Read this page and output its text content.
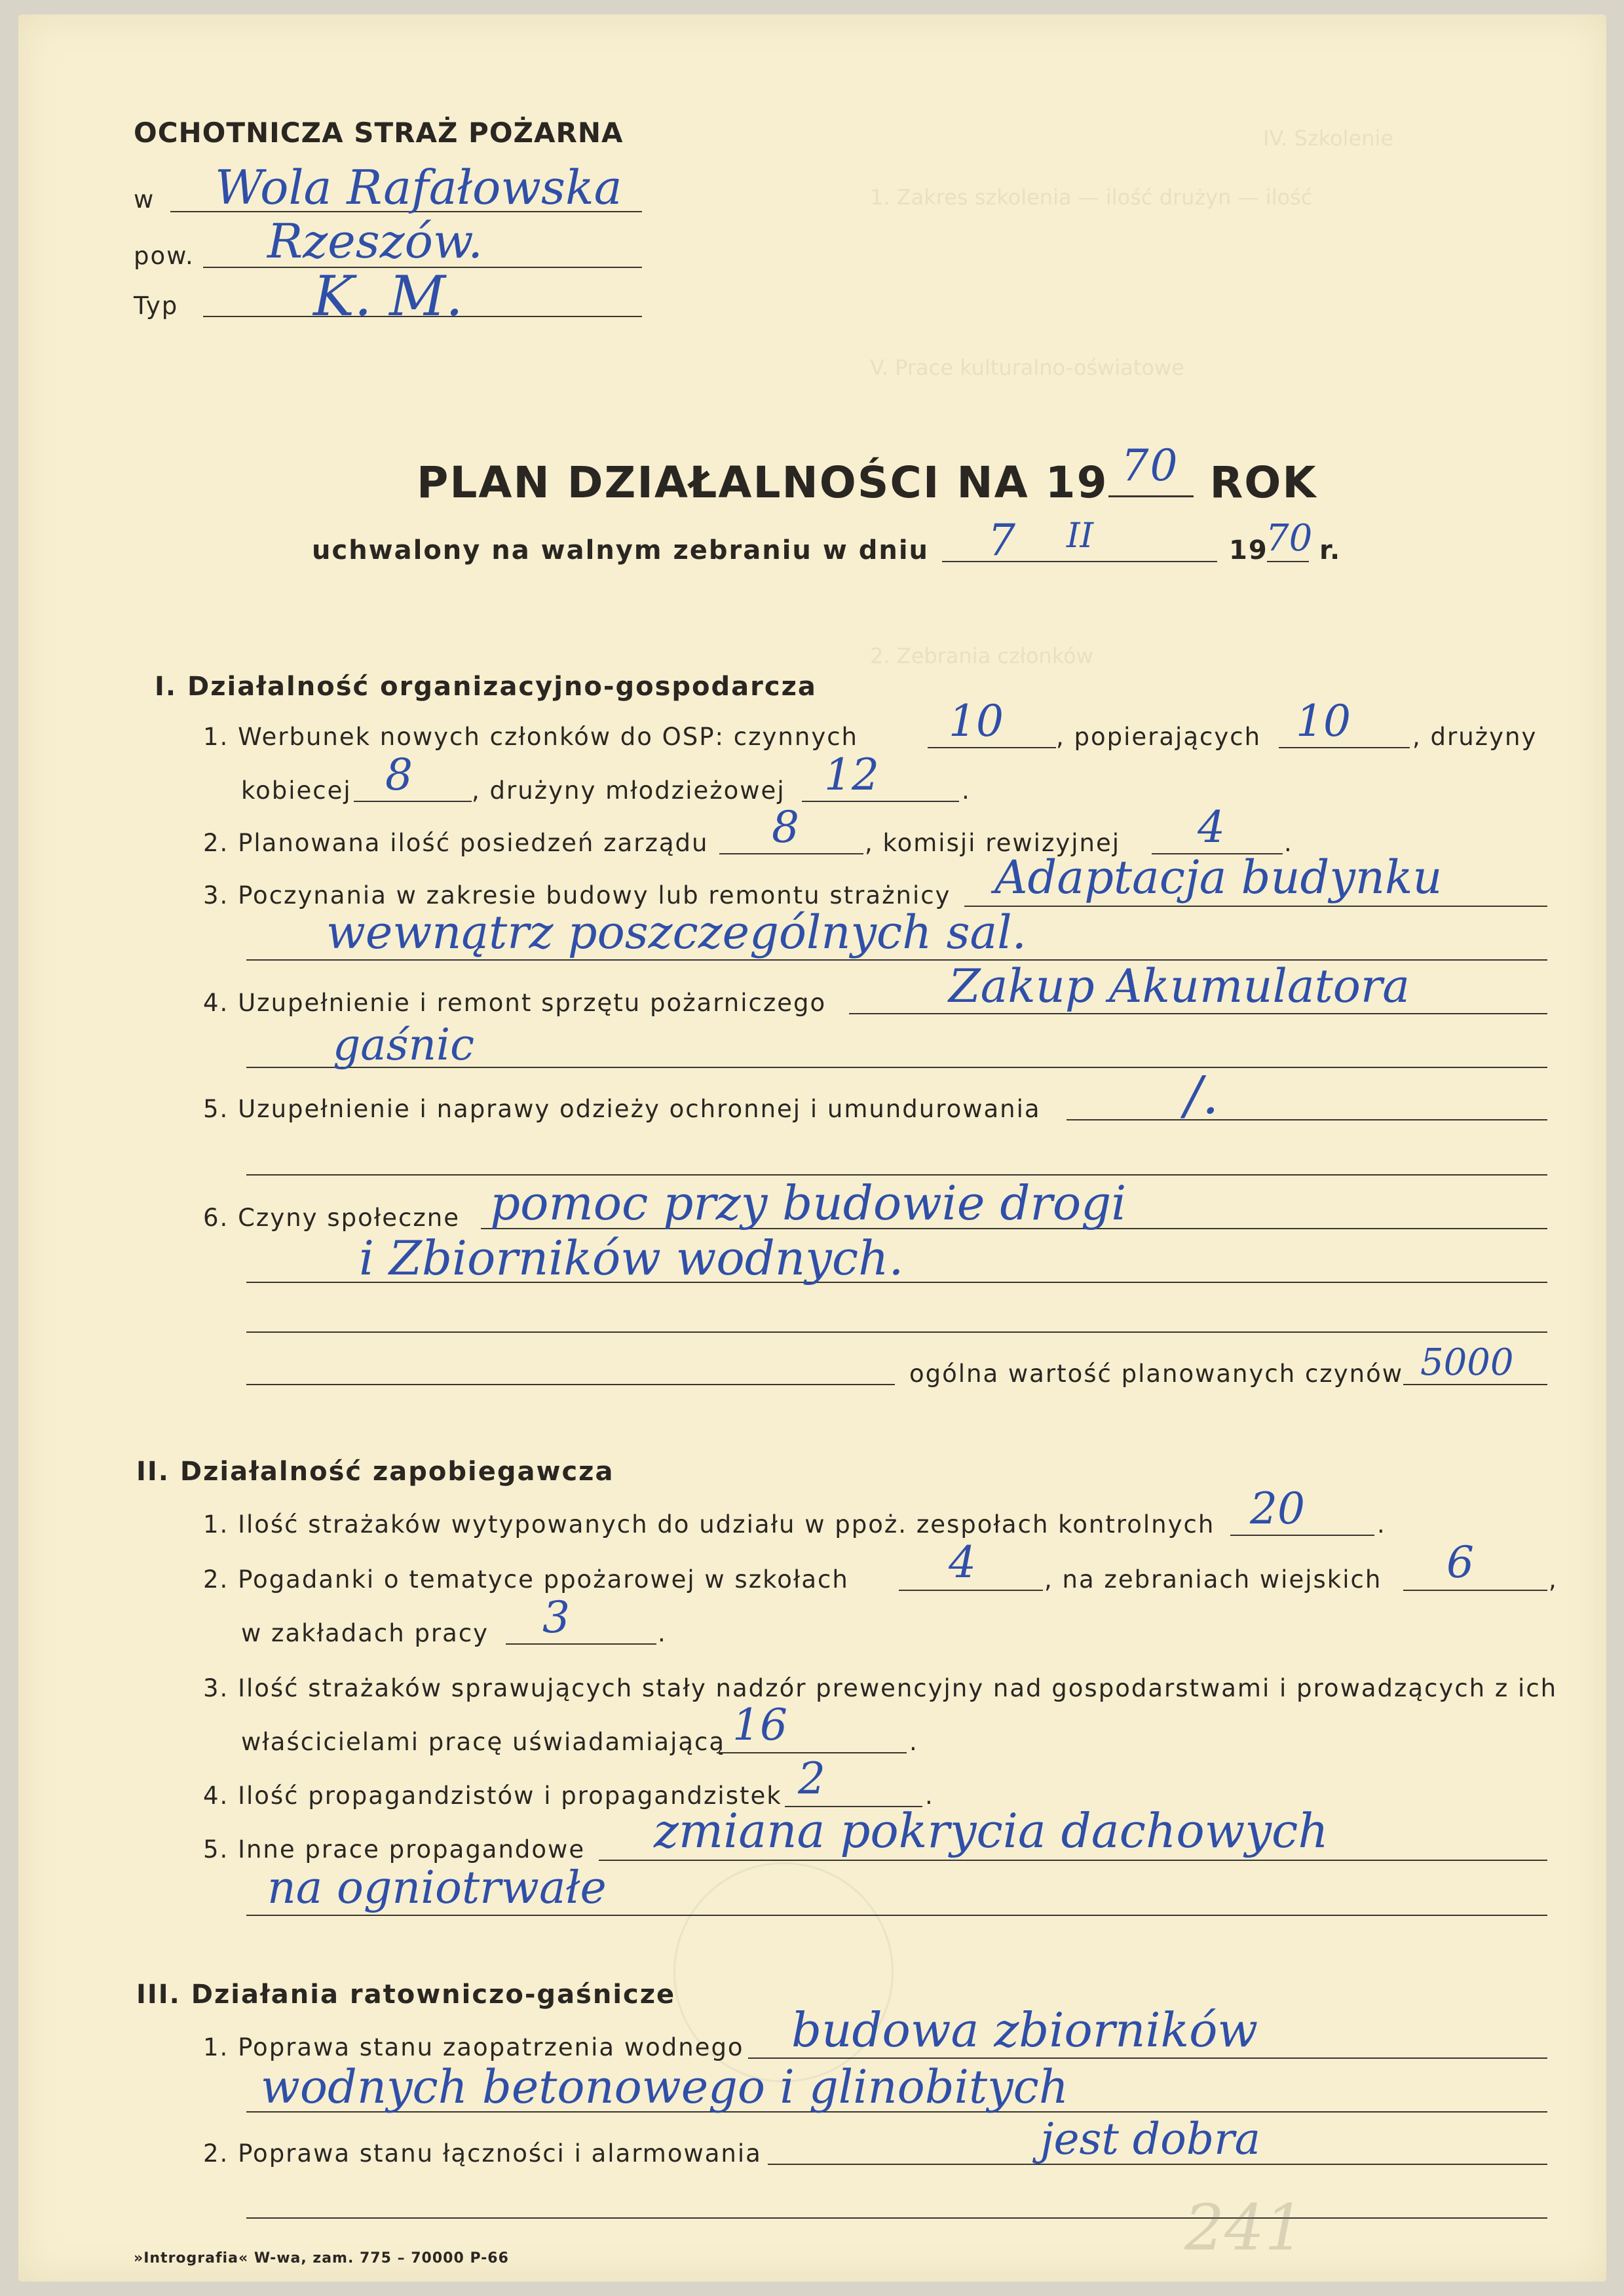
IV. Szkolenie
1. Zakres szkolenia — ilość drużyn — ilość
V. Prace kulturalno-oświatowe
2. Zebrania członków
OCHOTNICZA STRAŻ POŻARNA
w Wola Rafałowska
pow. Rzeszów.
Typ K. M.
PLAN DZIAŁALNOŚCI NA 19 70 ROK
uchwalony na walnym zebraniu w dniu 7 II	19
70 r.
I. Działalność organizacyjno-gospodarcza
1. Werbunek nowych członków do OSP: czynnych 10 , popierających 10	, drużyny
kobiecej 8 , drużyny młodzieżowej 12	.
2. Planowana ilość posiedzeń zarządu 8	, komisji rewizyjnej 4 .
3. Poczynania w zakresie budowy lub remontu strażnicy Adaptacja budynku
wewnątrz poszczególnych sal.
4. Uzupełnienie i remont sprzętu pożarniczego	Zakup Akumulatora
gaśnic
5. Uzupełnienie i naprawy odzieży ochronnej i umundurowania	/.
6. Czyny społeczne pomoc przy budowie drogi
i Zbiorników wodnych.
ogólna wartość planowanych czynów 5000
II. Działalność zapobiegawcza
1. Ilość strażaków wytypowanych do udziału w ppoż. zespołach kontrolnych 20	.
2. Pogadanki o tematyce ppożarowej w szkołach 4	, na zebraniach wiejskich 6	,
w zakładach pracy 3	.
3. Ilość strażaków sprawujących stały nadzór prewencyjny nad gospodarstwami i prowadzących z ich
właścicielami pracę uświadamiającą 16	.
4. Ilość propagandzistów i propagandzistek 2	.
5. Inne prace propagandowe zmiana pokrycia dachowych
na ogniotrwałe
III. Działania ratowniczo-gaśnicze
1. Poprawa stanu zaopatrzenia wodnego budowa zbiorników
wodnych betonowego i glinobitych
2. Poprawa stanu łączności i alarmowania	jest dobra
»Intrografia« W-wa, zam. 775 – 70000 P-66	241
